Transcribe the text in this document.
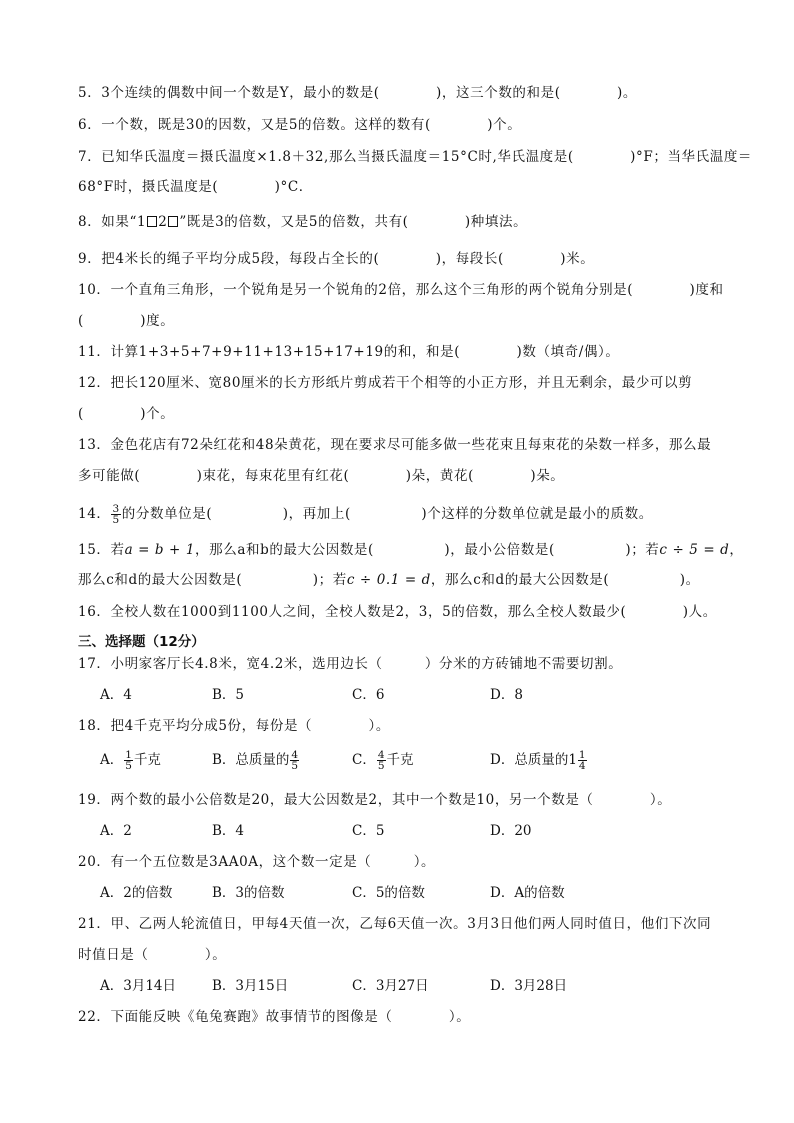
5．3个连续的偶数中间一个数是Y，最小的数是(　　　　)，这三个数的和是(　　　　)。
6．一个数，既是30的因数，又是5的倍数。这样的数有(　　　　)个。
7．已知华氏温度＝摄氏温度×1.8＋32,那么当摄氏温度＝15°C时,华氏温度是(　　　　)°F；当华氏温度＝
68°F时，摄氏温度是(　　　　)°C．
8．如果“1 2 ”既是3的倍数，又是5的倍数，共有(　　　　)种填法。
9．把4米长的绳子平均分成5段，每段占全长的(　　　　)，每段长(　　　　)米。
10．一个直角三角形，一个锐角是另一个锐角的2倍，那么这个三角形的两个锐角分别是(　　　　)度和
(　　　　)度。
11．计算1+3+5+7+9+11+13+15+17+19的和，和是(　　　　)数（填奇/偶）。
12．把长120厘米、宽80厘米的长方形纸片剪成若干个相等的小正方形，并且无剩余，最少可以剪
(　　　　)个。
13．金色花店有72朵红花和48朵黄花，现在要求尽可能多做一些花束且每束花的朵数一样多，那么最
多可能做(　　　　)束花，每束花里有红花(　　　　)朵，黄花(　　　　)朵。
14． $\frac{3}{5}$ 的分数单位是(　　　　　)，再加上(　　　　　)个这样的分数单位就是最小的质数。
15．若a = b + 1，那么a和b的最大公因数是(　　　　　)，最小公倍数是(　　　　　)；若c ÷ 5 = d，
那么c和d的最大公因数是(　　　　　)；若c ÷ 0.1 = d，那么c和d的最大公因数是(　　　　　)。
16．全校人数在1000到1100人之间，全校人数是2，3，5的倍数，那么全校人数最少(　　　　)人。
三、选择题（12分）
17．小明家客厅长4.8米，宽4.2米，选用边长（　　　）分米的方砖铺地不需要切割。
A．4	B．5	C．6	D．8
18．把4千克平均分成5份，每份是（　　　　）。
A． $\frac{1}{5}$ 千克	B．总质量的 $\frac{4}{5}$	C． $\frac{4}{5}$ 千克	D．总质量的$1 \frac{1}{4}$
19．两个数的最小公倍数是20，最大公因数是2，其中一个数是10，另一个数是（　　　　）。
A．2	B．4	C．5	D．20
20．有一个五位数是3AA0A，这个数一定是（　　　）。
A．2的倍数	B．3的倍数	C．5的倍数	D．A的倍数
21．甲、乙两人轮流值日，甲每4天值一次，乙每6天值一次。3月3日他们两人同时值日，他们下次同
时值日是（　　　　）。
A．3月14日	B．3月15日	C．3月27日	D．3月28日
22．下面能反映《龟兔赛跑》故事情节的图像是（　　　　）。
